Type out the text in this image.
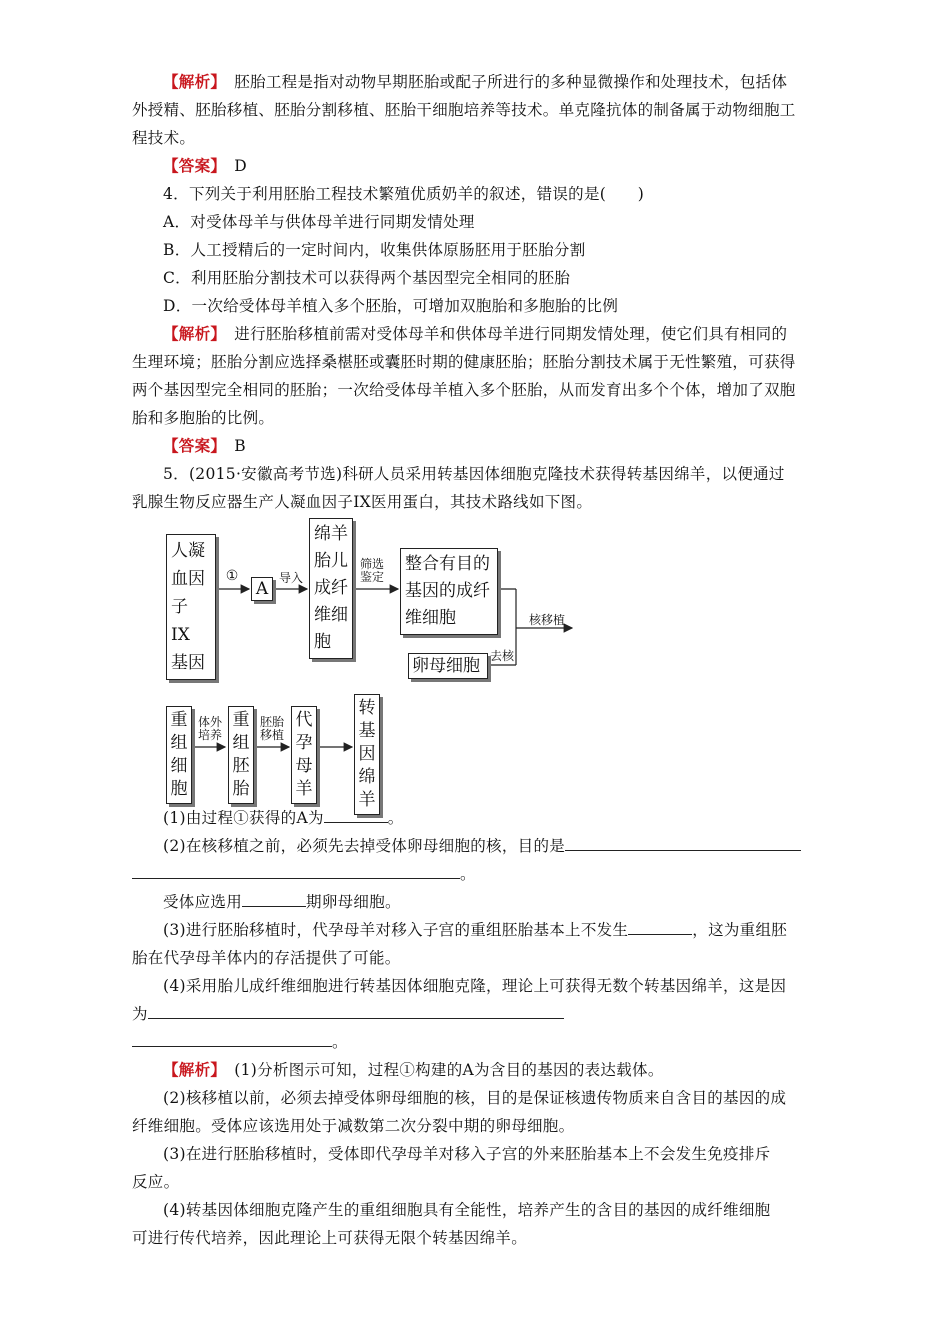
【解析】　 胚胎工程是指对动物早期胚胎或配子所进行的多种显微操作和处理技术，包括体
外授精、胚胎移植、胚胎分割移植、胚胎干细胞培养等技术。单克隆抗体的制备属于动物细胞工
程技术。
【答案】　 D
4．下列关于利用胚胎工程技术繁殖优质奶羊的叙述，错误的是(　　)
A．对受体母羊与供体母羊进行同期发情处理
B．人工授精后的一定时间内，收集供体原肠胚用于胚胎分割
C．利用胚胎分割技术可以获得两个基因型完全相同的胚胎
D．一次给受体母羊植入多个胚胎，可增加双胞胎和多胞胎的比例
【解析】　 进行胚胎移植前需对受体母羊和供体母羊进行同期发情处理，使它们具有相同的
生理环境；胚胎分割应选择桑椹胚或囊胚时期的健康胚胎；胚胎分割技术属于无性繁殖，可获得
两个基因型完全相同的胚胎；一次给受体母羊植入多个胚胎，从而发育出多个个体，增加了双胞
胎和多胞胎的比例。
【答案】　 B
5．(2015·安徽高考节选)科研人员采用转基因体细胞克隆技术获得转基因绵羊，以便通过
乳腺生物反应器生产人凝血因子IX医用蛋白，其技术路线如下图。
人凝
血因
子 IX
基因
①
A
导入
绵羊
胎儿
成纤
维细
胞
筛选
鉴定
整合有目的
基因的成纤
维细胞	核移植
卵母细胞 去核
重
组
细
胞
体外
培养
重
组
胚
胎
胚胎
移植
代
孕
母
羊
转
基
因
绵
羊
(1)由过程①获得的A为	。
(2)在核移植之前，必须先去掉受体卵母细胞的核，目的是
。
受体应选用	期卵母细胞。
(3)进行胚胎移植时，代孕母羊对移入子宫的重组胚胎基本上不发生	，这为重组胚
胎在代孕母羊体内的存活提供了可能。
(4)采用胎儿成纤维细胞进行转基因体细胞克隆，理论上可获得无数个转基因绵羊，这是因
为
。
【解析】　 (1)分析图示可知，过程①构建的A为含目的基因的表达载体。
(2)核移植以前，必须去掉受体卵母细胞的核，目的是保证核遗传物质来自含目的基因的成
纤维细胞。受体应该选用处于减数第二次分裂中期的卵母细胞。
(3)在进行胚胎移植时，受体即代孕母羊对移入子宫的外来胚胎基本上不会发生免疫排斥
反应。
(4)转基因体细胞克隆产生的重组细胞具有全能性，培养产生的含目的基因的成纤维细胞
可进行传代培养，因此理论上可获得无限个转基因绵羊。
